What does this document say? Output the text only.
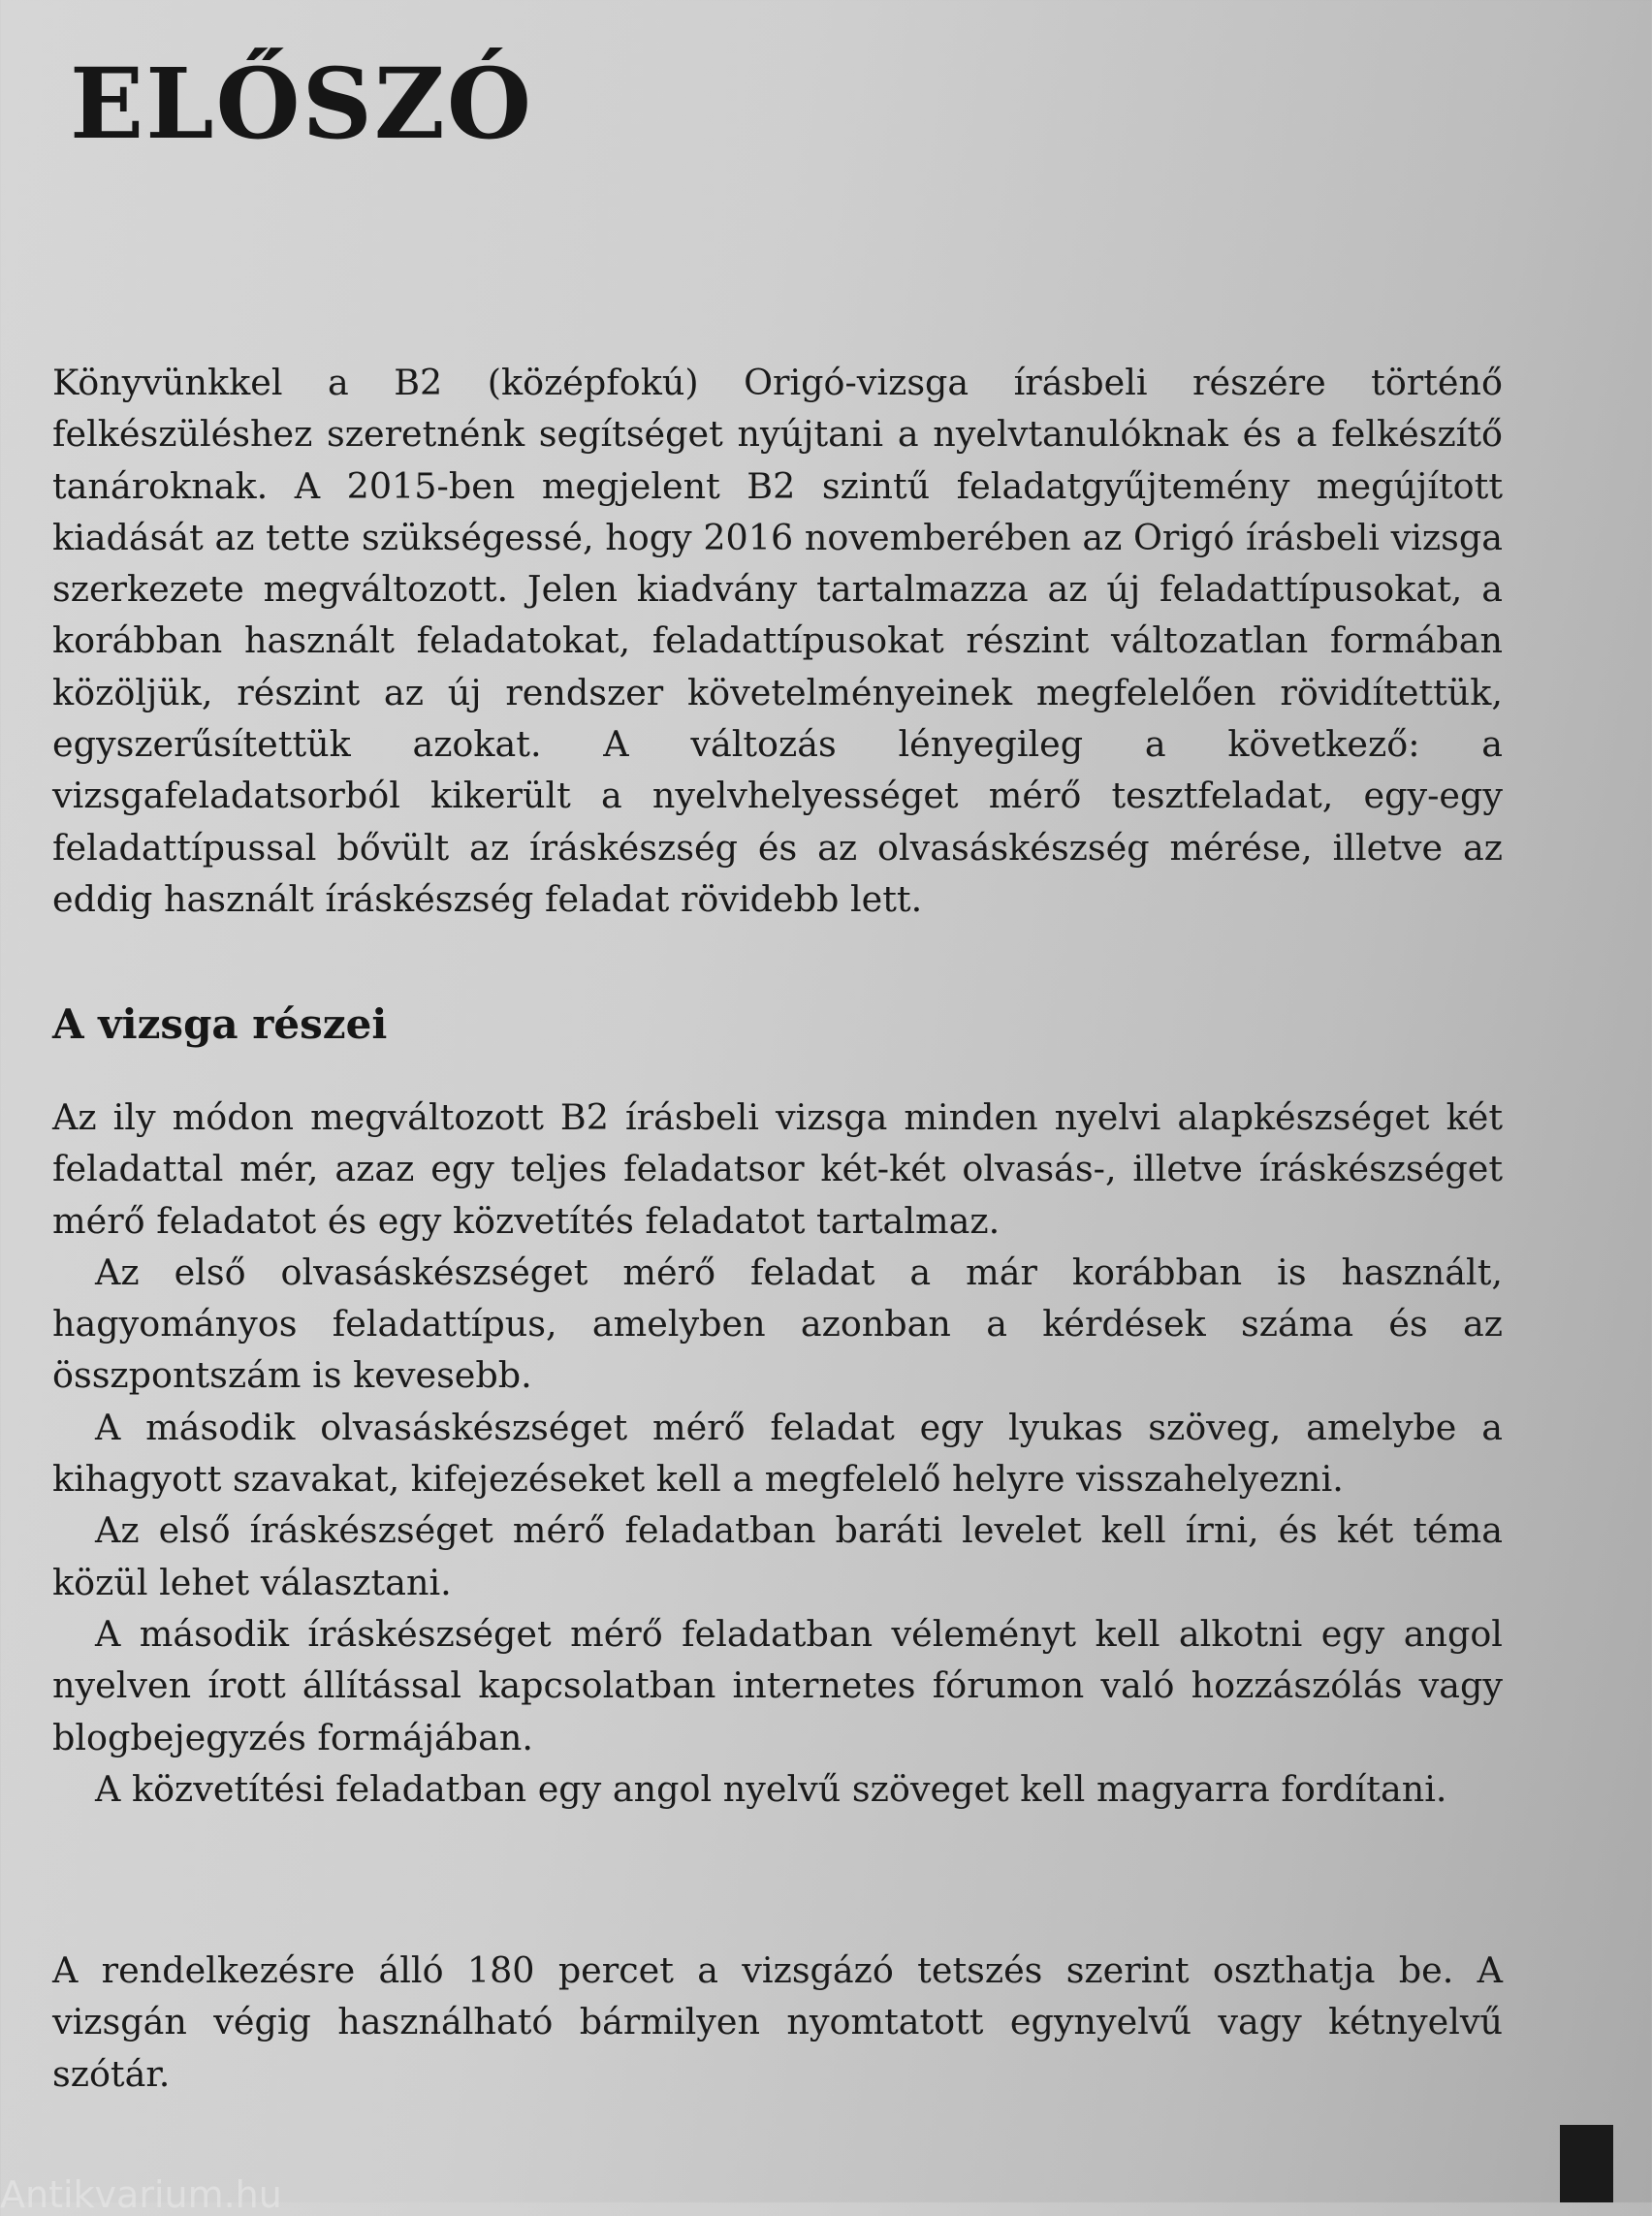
ELŐSZÓ

Könyvünkkel a B2 (középfokú) Origó-vizsga írásbeli részére történő felkészüléshez szeretnénk segítséget nyújtani a nyelvtanulóknak és a felkészítő tanároknak. A 2015-ben megjelent B2 szintű feladatgyűjtemény megújított kiadását az tette szükségessé, hogy 2016 novemberében az Origó írásbeli vizsga szerkezete megváltozott. Jelen kiadvány tartalmazza az új feladattípusokat, a korábban használt feladatokat, feladattípusokat részint változatlan formában közöljük, részint az új rendszer követelményeinek megfelelően rövidítettük, egyszerűsítettük azokat. A változás lényegileg a következő: a vizsgafeladatsorból kikerült a nyelvhelyességet mérő tesztfeladat, egy-egy feladattípussal bővült az íráskészség és az olvasáskészség mérése, illetve az eddig használt íráskészség feladat rövidebb lett.

A vizsga részei

Az ily módon megváltozott B2 írásbeli vizsga minden nyelvi alapkészséget két feladattal mér, azaz egy teljes feladatsor két-két olvasás-, illetve íráskészséget mérő feladatot és egy közvetítés feladatot tartalmaz.

Az első olvasáskészséget mérő feladat a már korábban is használt, hagyományos feladattípus, amelyben azonban a kérdések száma és az összpontszám is kevesebb.

A második olvasáskészséget mérő feladat egy lyukas szöveg, amelybe a kihagyott szavakat, kifejezéseket kell a megfelelő helyre visszahelyezni.

Az első íráskészséget mérő feladatban baráti levelet kell írni, és két téma közül lehet választani.

A második íráskészséget mérő feladatban véleményt kell alkotni egy angol nyelven írott állítással kapcsolatban internetes fórumon való hozzászólás vagy blogbejegyzés formájában.

A közvetítési feladatban egy angol nyelvű szöveget kell magyarra fordítani.

A rendelkezésre álló 180 percet a vizsgázó tetszés szerint oszthatja be. A vizsgán végig használható bármilyen nyomtatott egynyelvű vagy kétnyelvű szótár.

Antikvarium.hu
